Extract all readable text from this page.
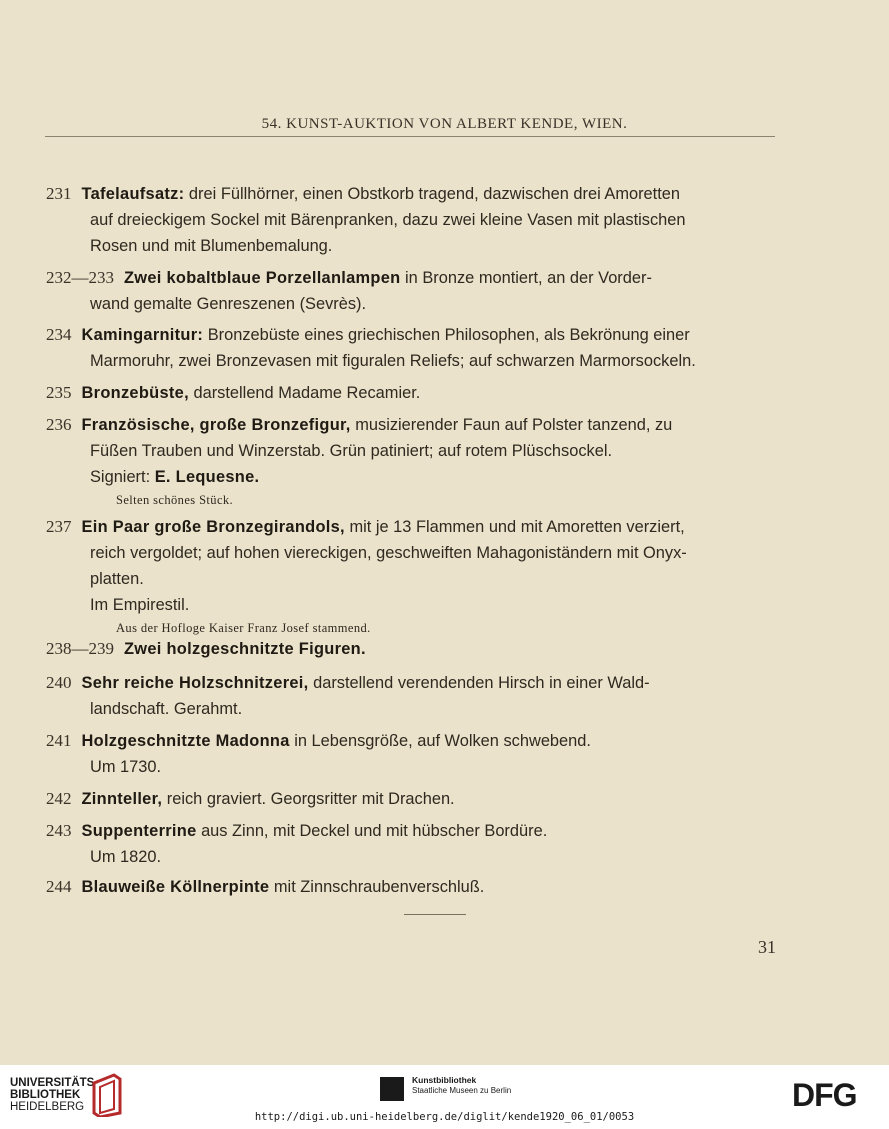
54. KUNST-AUKTION VON ALBERT KENDE, WIEN.
231 Tafelaufsatz: drei Füllhörner, einen Obstkorb tragend, dazwischen drei Amoretten
auf dreieckigem Sockel mit Bärenpranken, dazu zwei kleine Vasen mit plastischen
Rosen und mit Blumenbemalung.
232—233 Zwei kobaltblaue Porzellanlampen in Bronze montiert, an der Vorder-
wand gemalte Genreszenen (Sevrès).
234 Kamingarnitur: Bronzebüste eines griechischen Philosophen, als Bekrönung einer
Marmoruhr, zwei Bronzevasen mit figuralen Reliefs; auf schwarzen Marmorsockeln.
235 Bronzebüste, darstellend Madame Recamier.
236 Französische, große Bronzefigur, musizierender Faun auf Polster tanzend, zu
Füßen Trauben und Winzerstab. Grün patiniert; auf rotem Plüschsockel.
Signiert: E. Lequesne.
Selten schönes Stück.
237 Ein Paar große Bronzegirandols, mit je 13 Flammen und mit Amoretten verziert,
reich vergoldet; auf hohen viereckigen, geschweiften Mahagoniständern mit Onyx-
platten.
Im Empirestil.
Aus der Hofloge Kaiser Franz Josef stammend.
238—239 Zwei holzgeschnitzte Figuren.
240 Sehr reiche Holzschnitzerei, darstellend verendenden Hirsch in einer Wald-
landschaft. Gerahmt.
241 Holzgeschnitzte Madonna in Lebensgröße, auf Wolken schwebend.
Um 1730.
242 Zinnteller, reich graviert. Georgsritter mit Drachen.
243 Suppenterrine aus Zinn, mit Deckel und mit hübscher Bordüre.
Um 1820.
244 Blauweiße Köllnerpinte mit Zinnschraubenverschluß.
31
UNIVERSITÄTS-
BIBLIOTHEK
HEIDELBERG
Kunstbibliothek
Staatliche Museen zu Berlin	DFG
http://digi.ub.uni-heidelberg.de/diglit/kende1920_06_01/0053
